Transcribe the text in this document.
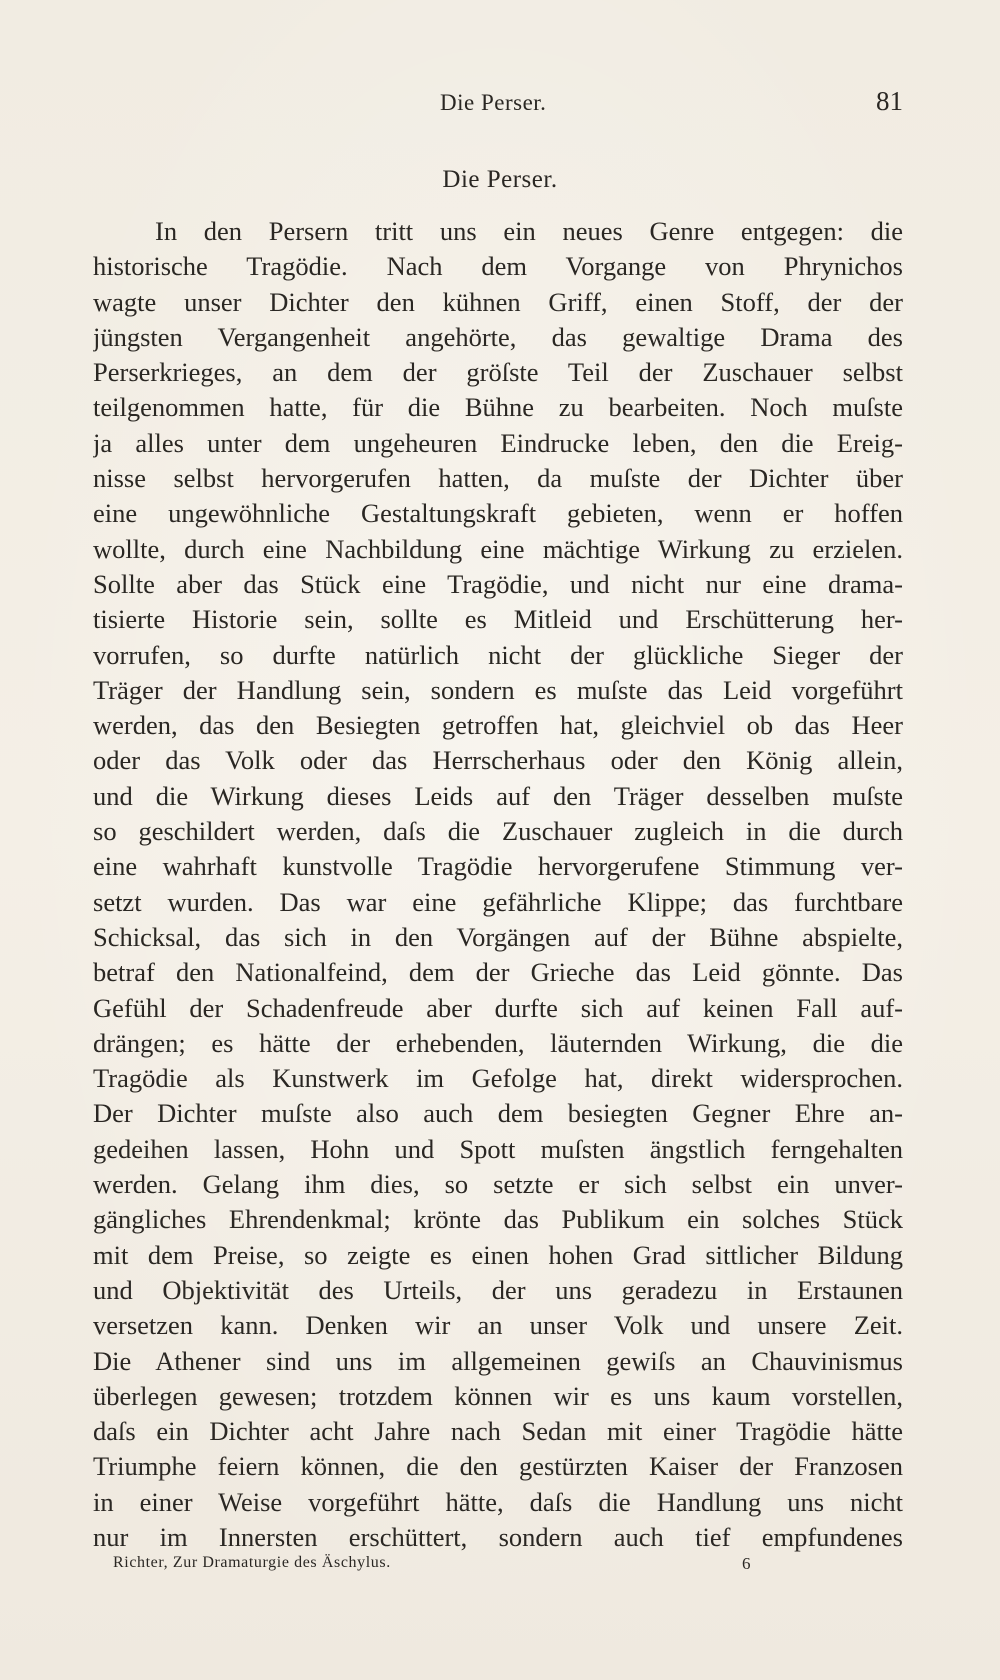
Die Perser.	81
Die Perser.
In den Persern tritt uns ein neues Genre entgegen: die
historische Tragödie. Nach dem Vorgange von Phrynichos
wagte unser Dichter den kühnen Griff, einen Stoff, der der
jüngsten Vergangenheit angehörte, das gewaltige Drama des
Perserkrieges, an dem der gröſste Teil der Zuschauer selbst
teilgenommen hatte, für die Bühne zu bearbeiten. Noch muſste
ja alles unter dem ungeheuren Eindrucke leben, den die Ereig-
nisse selbst hervorgerufen hatten, da muſste der Dichter über
eine ungewöhnliche Gestaltungskraft gebieten, wenn er hoffen
wollte, durch eine Nachbildung eine mächtige Wirkung zu erzielen.
Sollte aber das Stück eine Tragödie, und nicht nur eine drama-
tisierte Historie sein, sollte es Mitleid und Erschütterung her-
vorrufen, so durfte natürlich nicht der glückliche Sieger der
Träger der Handlung sein, sondern es muſste das Leid vorgeführt
werden, das den Besiegten getroffen hat, gleichviel ob das Heer
oder das Volk oder das Herrscherhaus oder den König allein,
und die Wirkung dieses Leids auf den Träger desselben muſste
so geschildert werden, daſs die Zuschauer zugleich in die durch
eine wahrhaft kunstvolle Tragödie hervorgerufene Stimmung ver-
setzt wurden. Das war eine gefährliche Klippe; das furchtbare
Schicksal, das sich in den Vorgängen auf der Bühne abspielte,
betraf den Nationalfeind, dem der Grieche das Leid gönnte. Das
Gefühl der Schadenfreude aber durfte sich auf keinen Fall auf-
drängen; es hätte der erhebenden, läuternden Wirkung, die die
Tragödie als Kunstwerk im Gefolge hat, direkt widersprochen.
Der Dichter muſste also auch dem besiegten Gegner Ehre an-
gedeihen lassen, Hohn und Spott muſsten ängstlich ferngehalten
werden. Gelang ihm dies, so setzte er sich selbst ein unver-
gängliches Ehrendenkmal; krönte das Publikum ein solches Stück
mit dem Preise, so zeigte es einen hohen Grad sittlicher Bildung
und Objektivität des Urteils, der uns geradezu in Erstaunen
versetzen kann. Denken wir an unser Volk und unsere Zeit.
Die Athener sind uns im allgemeinen gewiſs an Chauvinismus
überlegen gewesen; trotzdem können wir es uns kaum vorstellen,
daſs ein Dichter acht Jahre nach Sedan mit einer Tragödie hätte
Triumphe feiern können, die den gestürzten Kaiser der Franzosen
in einer Weise vorgeführt hätte, daſs die Handlung uns nicht
nur im Innersten erschüttert, sondern auch tief empfundenes
Richter, Zur Dramaturgie des Äschylus.	6
